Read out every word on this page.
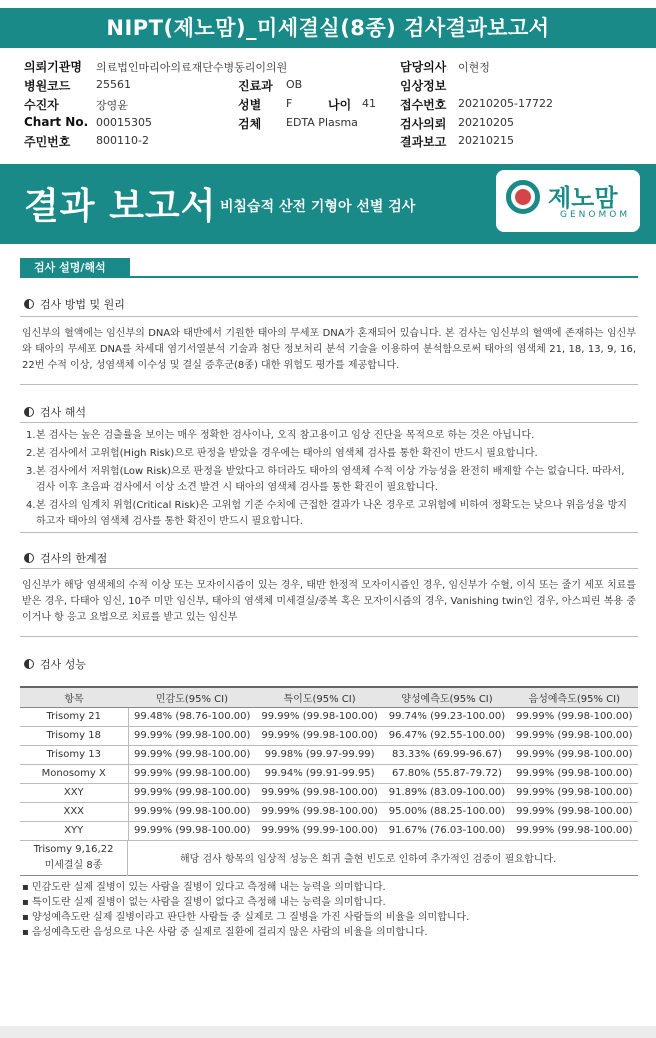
NIPT(제노맘)_미세결실(8종) 검사결과보고서
의뢰기관명 의료법인마리아의료재단수병동리이의원
병원코드 25561
수진자	장영윤
Chart No. 00015305
주민번호 800110-2
진료과 OB
성별 F	나이 41
검체 EDTA Plasma
담당의사 이현정
임상정보
접수번호 20210205-17722
검사의뢰 20210205
결과보고 20210215
결과 보고서 비침습적 산전 기형아 선별 검사	제노맘
GENOMOM
검사 설명/해석
검사 방법 및 원리

임신부의 혈액에는 임신부의 DNA와 태반에서 기원한 태아의 무세포 DNA가 혼재되어 있습니다. 본 검사는 임신부의 혈액에 존재하는 임신부와 태아의 무세포 DNA를 차세대 염기서열분석 기술과 첨단 정보처리 분석 기술을 이용하여 분석함으로써 태아의 염색체 21, 18, 13, 9, 16, 22번 수적 이상, 성염색체 이수성 및 결실 증후군(8종) 대한 위험도 평가를 제공합니다.

검사 해석
1. 본 검사는 높은 검출률을 보이는 매우 정확한 검사이나, 오직 참고용이고 임상 진단을 목적으로 하는 것은 아닙니다.
2. 본 검사에서 고위험(High Risk)으로 판정을 받았을 경우에는 태아의 염색체 검사를 통한 확진이 반드시 필요합니다.
3. 본 검사에서 저위험(Low Risk)으로 판정을 받았다고 하더라도 태아의 염색체 수적 이상 가능성을 완전히 배제할 수는 없습니다. 따라서, 검사 이후 초음파 검사에서 이상 소견 발견 시 태아의 염색체 검사를 통한 확진이 필요합니다.
4. 본 검사의 임계치 위험(Critical Risk)은 고위험 기준 수치에 근접한 결과가 나온 경우로 고위험에 비하여 정확도는 낮으나 위음성을 방지하고자 태아의 염색체 검사를 통한 확진이 반드시 필요합니다.
검사의 한계점

임신부가 해당 염색체의 수적 이상 또는 모자이시즘이 있는 경우, 태반 한정적 모자이시즘인 경우, 임신부가 수혈, 이식 또는 줄기 세포 치료를 받은 경우, 다태아 임신, 10주 미만 임신부, 태아의 염색체 미세결실/중복 혹은 모자이시즘의 경우, Vanishing twin인 경우, 아스피린 복용 중이거나 항 응고 요법으로 치료를 받고 있는 임신부

검사 성능
항목	민감도(95% CI)	특이도(95% CI)	양성예측도(95% CI)	음성예측도(95% CI)
Trisomy 21	99.48% (98.76-100.00)	99.99% (99.98-100.00)	99.74% (99.23-100.00)	99.99% (99.98-100.00)
Trisomy 18	99.99% (99.98-100.00)	99.99% (99.98-100.00)	96.47% (92.55-100.00)	99.99% (99.98-100.00)
Trisomy 13	99.99% (99.98-100.00)	99.98% (99.97-99.99)	83.33% (69.99-96.67)	99.99% (99.98-100.00)
Monosomy X	99.99% (99.98-100.00)	99.94% (99.91-99.95)	67.80% (55.87-79.72)	99.99% (99.98-100.00)
XXY	99.99% (99.98-100.00)	99.99% (99.98-100.00)	91.89% (83.09-100.00)	99.99% (99.98-100.00)
XXX	99.99% (99.98-100.00)	99.99% (99.98-100.00)	95.00% (88.25-100.00)	99.99% (99.98-100.00)
XYY	99.99% (99.98-100.00)	99.99% (99.99-100.00)	91.67% (76.03-100.00)	99.99% (99.98-100.00)
Trisomy 9,16,22
미세결실 8종
해당 검사 항목의 임상적 성능은 희귀 출현 빈도로 인하여 추가적인 검증이 필요합니다.
▪ 민감도란 실제 질병이 있는 사람을 질병이 있다고 측정해 내는 능력을 의미합니다.
▪ 특이도란 실제 질병이 없는 사람을 질병이 없다고 측정해 내는 능력을 의미합니다.
▪ 양성예측도란 실제 질병이라고 판단한 사람들 중 실제로 그 질병을 가진 사람들의 비율을 의미합니다.
▪ 음성예측도란 음성으로 나온 사람 중 실제로 질환에 걸리지 않은 사람의 비율을 의미합니다.
